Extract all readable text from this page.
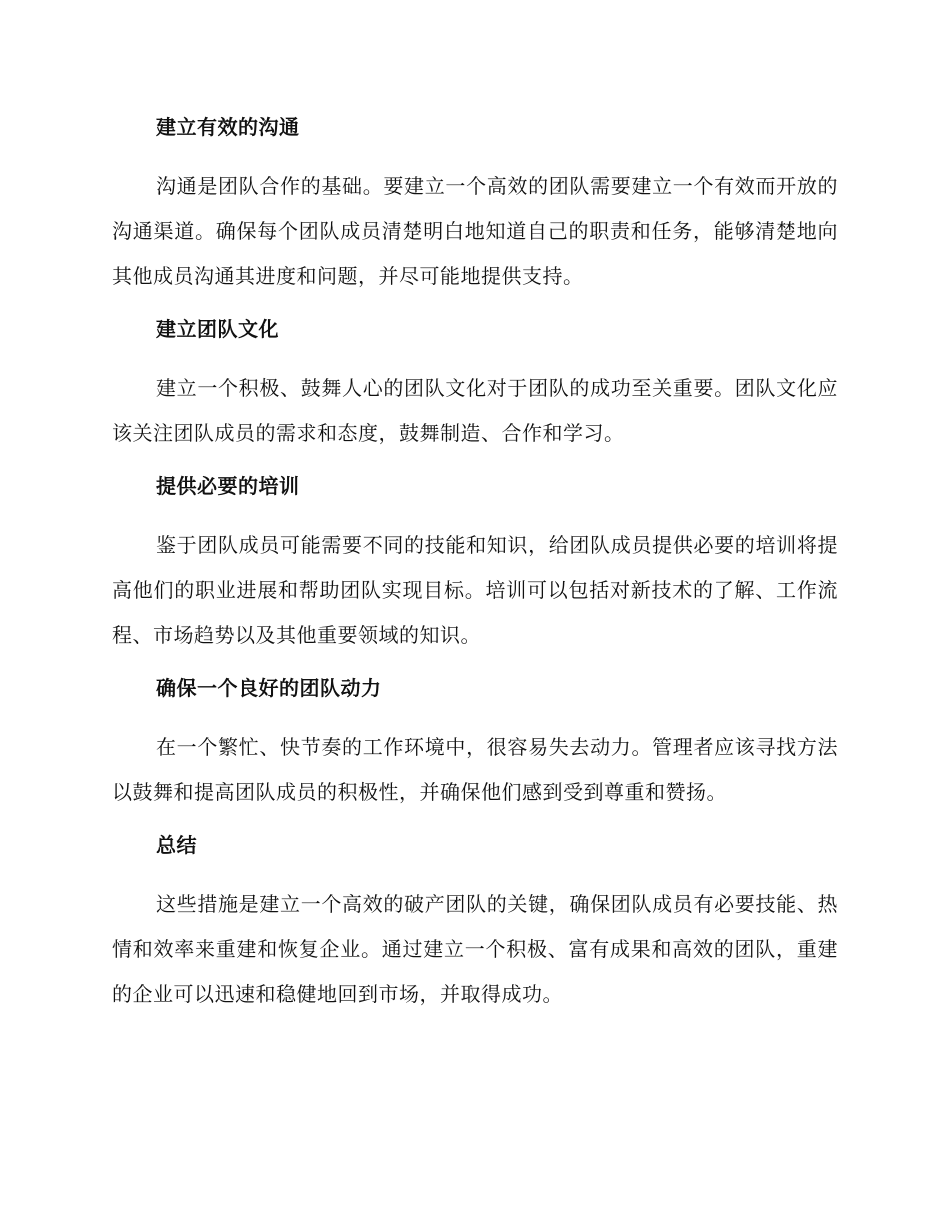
建立有效的沟通
沟通是团队合作的基础。要建立一个高效的团队需要建立一个有效而开放的沟通渠道。确保每个团队成员清楚明白地知道自己的职责和任务，能够清楚地向其他成员沟通其进度和问题，并尽可能地提供支持。
建立团队文化
建立一个积极、鼓舞人心的团队文化对于团队的成功至关重要。团队文化应该关注团队成员的需求和态度，鼓舞制造、合作和学习。
提供必要的培训
鉴于团队成员可能需要不同的技能和知识，给团队成员提供必要的培训将提高他们的职业进展和帮助团队实现目标。培训可以包括对新技术的了解、工作流程、市场趋势以及其他重要领域的知识。
确保一个良好的团队动力
在一个繁忙、快节奏的工作环境中，很容易失去动力。管理者应该寻找方法以鼓舞和提高团队成员的积极性，并确保他们感到受到尊重和赞扬。
总结
这些措施是建立一个高效的破产团队的关键，确保团队成员有必要技能、热情和效率来重建和恢复企业。通过建立一个积极、富有成果和高效的团队，重建的企业可以迅速和稳健地回到市场，并取得成功。
